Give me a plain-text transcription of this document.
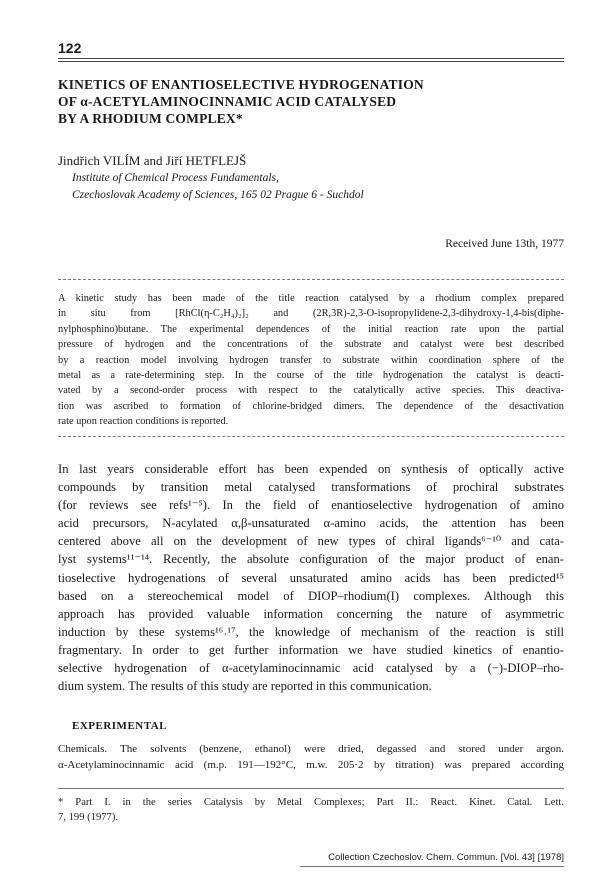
122
KINETICS OF ENANTIOSELECTIVE HYDROGENATION
OF α-ACETYLAMINOCINNAMIC ACID CATALYSED
BY A RHODIUM COMPLEX*
Jindřich VILÍM and Jiří HETFLEJŠ
Institute of Chemical Process Fundamentals,
Czechoslovak Academy of Sciences, 165 02 Prague 6 - Suchdol
Received June 13th, 1977
A kinetic study has been made of the title reaction catalysed by a rhodium complex prepared
in situ from [RhCl(η-C₂H₄)₂]₂ and (2R,3R)-2,3-O-isopropylidene-2,3-dihydroxy-1,4-bis(diphe-
nylphosphino)butane. The experimental dependences of the initial reaction rate upon the partial
pressure of hydrogen and the concentrations of the substrate and catalyst were best described
by a reaction model involving hydrogen transfer to substrate within coordination sphere of the
metal as a rate-determining step. In the course of the title hydrogenation the catalyst is deacti-
vated by a second-order process with respect to the catalytically active species. This deactiva-
tion was ascribed to formation of chlorine-bridged dimers. The dependence of the desactivation
rate upon reaction conditions is reported.
In last years considerable effort has been expended on synthesis of optically active
compounds by transition metal catalysed transformations of prochiral substrates
(for reviews see refs¹⁻⁵). In the field of enantioselective hydrogenation of amino
acid precursors, N-acylated α,β-unsaturated α-amino acids, the attention has been
centered above all on the development of new types of chiral ligands⁶⁻¹⁰ and cata-
lyst systems¹¹⁻¹⁴. Recently, the absolute configuration of the major product of enan-
tioselective hydrogenations of several unsaturated amino acids has been predicted¹⁵
based on a stereochemical model of DIOP–rhodium(I) complexes. Although this
approach has provided valuable information concerning the nature of asymmetric
induction by these systems¹⁶˒¹⁷, the knowledge of mechanism of the reaction is still
fragmentary. In order to get further information we have studied kinetics of enantio-
selective hydrogenation of α-acetylaminocinnamic acid catalysed by a (−)-DIOP–rho-
dium system. The results of this study are reported in this communication.
EXPERIMENTAL
Chemicals. The solvents (benzene, ethanol) were dried, degassed and stored under argon.
α-Acetylaminocinnamic acid (m.p. 191—192°C, m.w. 205·2 by titration) was prepared according
* Part I. in the series Catalysis by Metal Complexes; Part II.: React. Kinet. Catal. Lett.
7, 199 (1977).
Collection Czechoslov. Chem. Commun. [Vol. 43] [1978]
